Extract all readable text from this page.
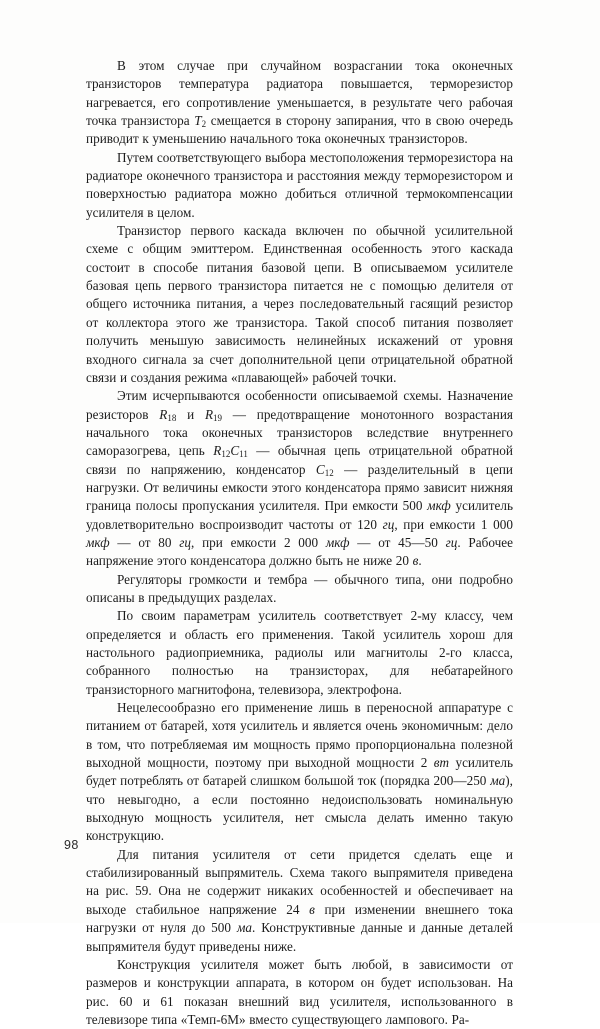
В этом случае при случайном возрасгании тока оконечных транзисторов температура радиатора повышается, терморезистор нагревается, его сопротивление уменьшается, в результате чего рабочая точка транзистора $T_2$ смещается в сторону запирания, что в свою очередь приводит к уменьшению начального тока оконечных транзисторов.

Путем соответствующего выбора местоположения терморезистора на радиаторе оконечного транзистора и расстояния между терморезистором и поверхностью радиатора можно добиться отличной термокомпенсации усилителя в целом.

Транзистор первого каскада включен по обычной усилительной схеме с общим эмиттером. Единственная особенность этого каскада состоит в способе питания базовой цепи. В описываемом усилителе базовая цепь первого транзистора питается не с помощью делителя от общего источника питания, а через последовательный гасящий резистор от коллектора этого же транзистора. Такой способ питания позволяет получить меньшую зависимость нелинейных искажений от уровня входного сигнала за счет дополнительной цепи отрицательной обратной связи и создания режима «плавающей» рабочей точки.

Этим исчерпываются особенности описываемой схемы. Назначение резисторов $R_{18}$ и $R_{19}$ — предотвращение монотонного возрастания начального тока оконечных транзисторов вследствие внутреннего саморазогрева, цепь $R_{12}C_{11}$ — обычная цепь отрицательной обратной связи по напряжению, конденсатор $C_{12}$ — разделительный в цепи нагрузки. От величины емкости этого конденсатора прямо зависит нижняя граница полосы пропускания усилителя. При емкости 500 мкф усилитель удовлетворительно воспроизводит частоты от 120 гц, при емкости 1 000 мкф — от 80 гц, при емкости 2 000 мкф — от 45—50 гц. Рабочее напряжение этого конденсатора должно быть не ниже 20 в.

Регуляторы громкости и тембра — обычного типа, они подробно описаны в предыдущих разделах.

По своим параметрам усилитель соответствует 2-му классу, чем определяется и область его применения. Такой усилитель хорош для настольного радиоприемника, радиолы или магнитолы 2-го класса, собранного полностью на транзисторах, для небатарейного транзисторного магнитофона, телевизора, электрофона.

Нецелесообразно его применение лишь в переносной аппаратуре с питанием от батарей, хотя усилитель и является очень экономичным: дело в том, что потребляемая им мощность прямо пропорциональна полезной выходной мощности, поэтому при выходной мощности 2 вт усилитель будет потреблять от батарей слишком большой ток (порядка 200—250 ма), что невыгодно, а если постоянно недоиспользовать номинальную выходную мощность усилителя, нет смысла делать именно такую конструкцию.

Для питания усилителя от сети придется сделать еще и стабилизированный выпрямитель. Схема такого выпрямителя приведена на рис. 59. Она не содержит никаких особенностей и обеспечивает на выходе стабильное напряжение 24 в при изменении внешнего тока нагрузки от нуля до 500 ма. Конструктивные данные и данные деталей выпрямителя будут приведены ниже.

Конструкция усилителя может быть любой, в зависимости от размеров и конструкции аппарата, в котором он будет использован. На рис. 60 и 61 показан внешний вид усилителя, использованного в телевизоре типа «Темп-6М» вместо существующего лампового. Ра-

98
